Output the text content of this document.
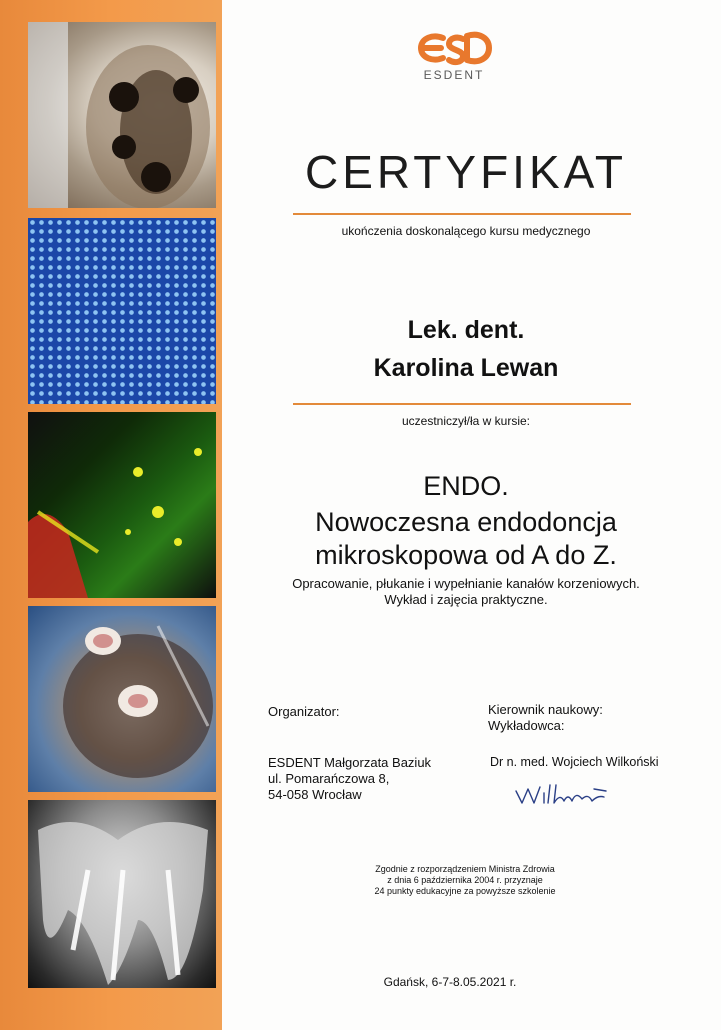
ESDENT
CERTYFIKAT
ukończenia doskonalącego kursu medycznego
Lek. dent.
Karolina Lewan
uczestniczył/ła w kursie:
ENDO.
Nowoczesna endodoncja
mikroskopowa od A do Z.
Opracowanie, płukanie i wypełnianie kanałów korzeniowych.
Wykład i zajęcia praktyczne.
Organizator:	Kierownik naukowy:
Wykładowca:
ESDENT Małgorzata Baziuk
ul. Pomarańczowa 8,
54-058 Wrocław
Dr n. med. Wojciech Wilkoński
Zgodnie z rozporządzeniem Ministra Zdrowia
z dnia 6 października 2004 r. przyznaje
24 punkty edukacyjne za powyższe szkolenie
Gdańsk, 6-7-8.05.2021 r.
